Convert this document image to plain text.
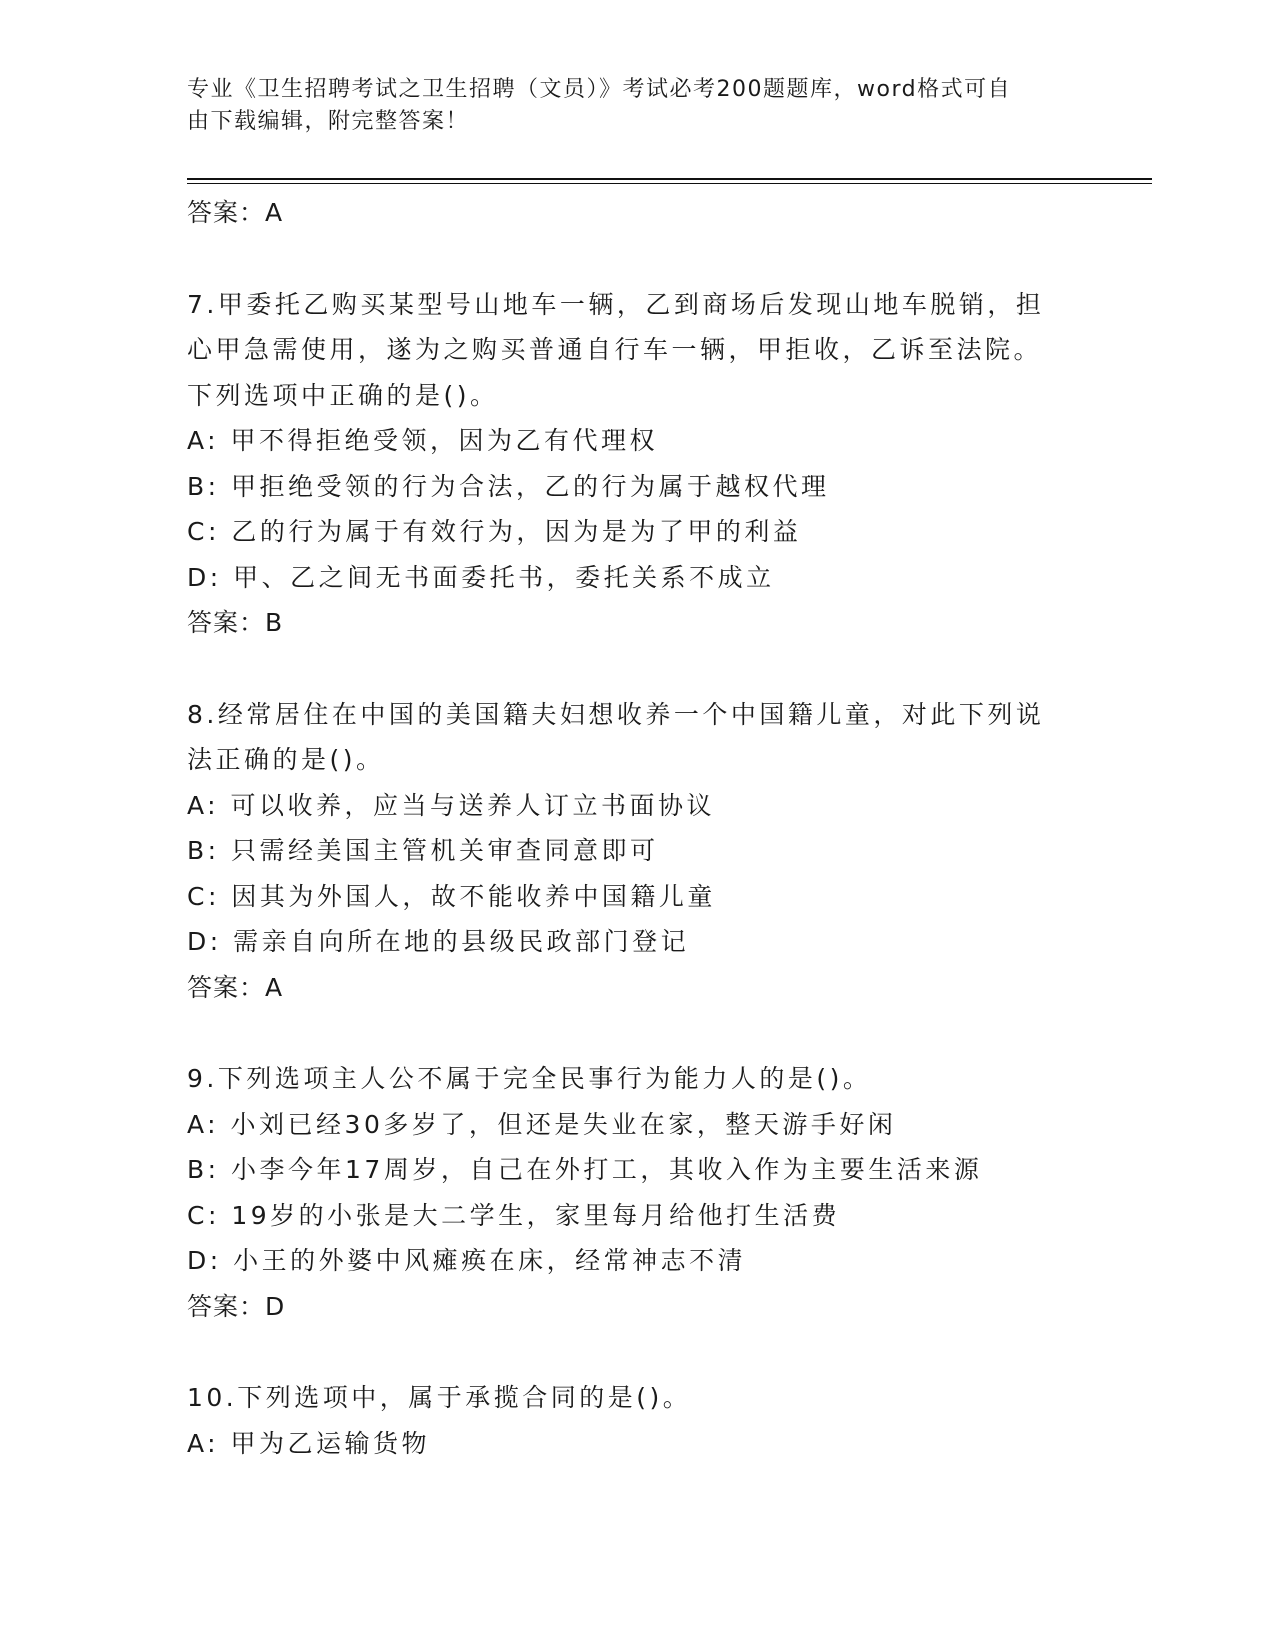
专业《卫生招聘考试之卫生招聘（文员）》考试必考200题题库，word格式可自
由下载编辑，附完整答案！
答案：A
7.甲委托乙购买某型号山地车一辆，乙到商场后发现山地车脱销，担
心甲急需使用，遂为之购买普通自行车一辆，甲拒收，乙诉至法院。
下列选项中正确的是()。
A: 甲不得拒绝受领，因为乙有代理权
B: 甲拒绝受领的行为合法，乙的行为属于越权代理
C: 乙的行为属于有效行为，因为是为了甲的利益
D: 甲、乙之间无书面委托书，委托关系不成立
答案：B
8.经常居住在中国的美国籍夫妇想收养一个中国籍儿童，对此下列说
法正确的是()。
A: 可以收养，应当与送养人订立书面协议
B: 只需经美国主管机关审查同意即可
C: 因其为外国人，故不能收养中国籍儿童
D: 需亲自向所在地的县级民政部门登记
答案：A
9.下列选项主人公不属于完全民事行为能力人的是()。
A: 小刘已经30多岁了，但还是失业在家，整天游手好闲
B: 小李今年17周岁，自己在外打工，其收入作为主要生活来源
C: 19岁的小张是大二学生，家里每月给他打生活费
D: 小王的外婆中风瘫痪在床，经常神志不清
答案：D
10.下列选项中，属于承揽合同的是()。
A: 甲为乙运输货物
